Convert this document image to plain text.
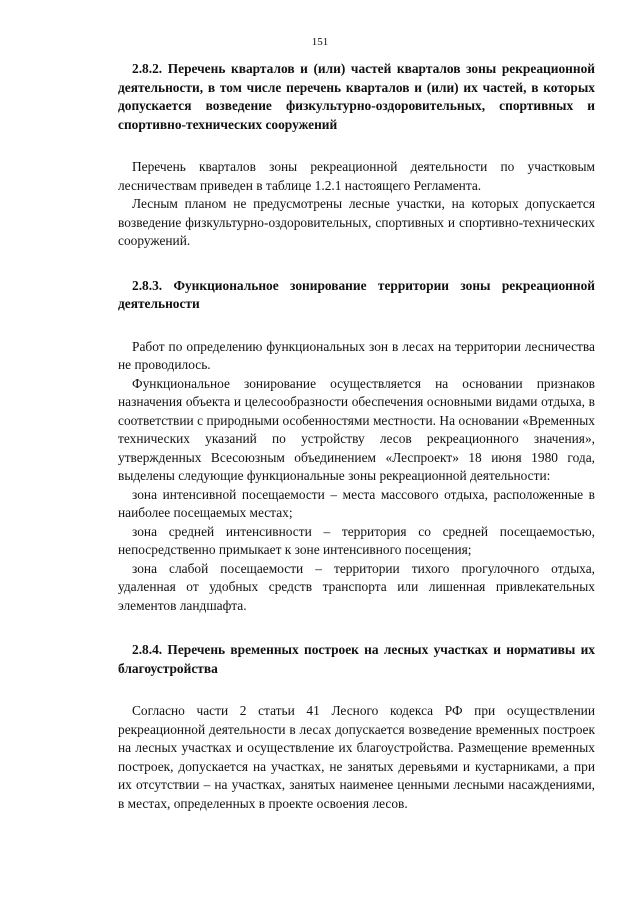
151
2.8.2. Перечень кварталов и (или) частей кварталов зоны рекреационной деятельности, в том числе перечень кварталов и (или) их частей, в которых допускается возведение физкультурно-оздоровительных, спортивных и спортивно-технических сооружений

Перечень кварталов зоны рекреационной деятельности по участковым лесничествам приведен в таблице 1.2.1 настоящего Регламента.

Лесным планом не предусмотрены лесные участки, на которых допускается возведение физкультурно-оздоровительных, спортивных и спортивно-технических сооружений.

2.8.3. Функциональное зонирование территории зоны рекреационной деятельности

Работ по определению функциональных зон в лесах на территории лесничества не проводилось.

Функциональное зонирование осуществляется на основании признаков назначения объекта и целесообразности обеспечения основными видами отдыха, в соответствии с природными особенностями местности. На основании «Временных технических указаний по устройству лесов рекреационного значения», утвержденных Всесоюзным объединением «Леспроект» 18 июня 1980 года, выделены следующие функциональные зоны рекреационной деятельности:

зона интенсивной посещаемости – места массового отдыха, расположенные в наиболее посещаемых местах;

зона средней интенсивности – территория со средней посещаемостью, непосредственно примыкает к зоне интенсивного посещения;

зона слабой посещаемости – территории тихого прогулочного отдыха, удаленная от удобных средств транспорта или лишенная привлекательных элементов ландшафта.

2.8.4. Перечень временных построек на лесных участках и нормативы их благоустройства

Согласно части 2 статьи 41 Лесного кодекса РФ при осуществлении рекреационной деятельности в лесах допускается возведение временных построек на лесных участках и осуществление их благоустройства. Размещение временных построек, допускается на участках, не занятых деревьями и кустарниками, а при их отсутствии – на участках, занятых наименее ценными лесными насаждениями, в местах, определенных в проекте освоения лесов.
